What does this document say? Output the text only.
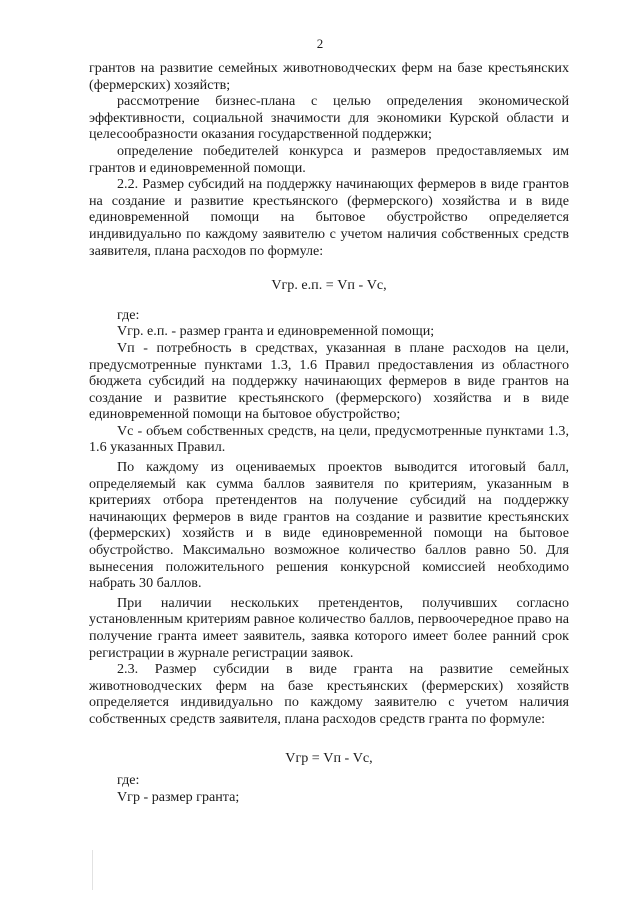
2

грантов на развитие семейных животноводческих ферм на базе крестьянских (фермерских) хозяйств;

рассмотрение бизнес-плана с целью определения экономической эффективности, социальной значимости для экономики Курской области и целесообразности оказания государственной поддержки;

определение победителей конкурса и размеров предоставляемых им грантов и единовременной помощи.

2.2. Размер субсидий на поддержку начинающих фермеров в виде грантов на создание и развитие крестьянского (фермерского) хозяйства и в виде единовременной помощи на бытовое обустройство определяется индивидуально по каждому заявителю с учетом наличия собственных средств заявителя, плана расходов по формуле:

Vгр. е.п. = Vп - Vc,

где:

Vгр. е.п. - размер гранта и единовременной помощи;

Vп - потребность в средствах, указанная в плане расходов на цели, предусмотренные пунктами 1.3, 1.6 Правил предоставления из областного бюджета субсидий на поддержку начинающих фермеров в виде грантов на создание и развитие крестьянского (фермерского) хозяйства и в виде единовременной помощи на бытовое обустройство;

Vc - объем собственных средств, на цели, предусмотренные пунктами 1.3, 1.6 указанных Правил.

По каждому из оцениваемых проектов выводится итоговый балл, определяемый как сумма баллов заявителя по критериям, указанным в критериях отбора претендентов на получение субсидий на поддержку начинающих фермеров в виде грантов на создание и развитие крестьянских (фермерских) хозяйств и в виде единовременной помощи на бытовое обустройство. Максимально возможное количество баллов равно 50. Для вынесения положительного решения конкурсной комиссией необходимо набрать 30 баллов.

При наличии нескольких претендентов, получивших согласно установленным критериям равное количество баллов, первоочередное право на получение гранта имеет заявитель, заявка которого имеет более ранний срок регистрации в журнале регистрации заявок.

2.3. Размер субсидии в виде гранта на развитие семейных животноводческих ферм на базе крестьянских (фермерских) хозяйств определяется индивидуально по каждому заявителю с учетом наличия собственных средств заявителя, плана расходов средств гранта по формуле:

Vгр = Vп - Vc,

где:

Vгр - размер гранта;
